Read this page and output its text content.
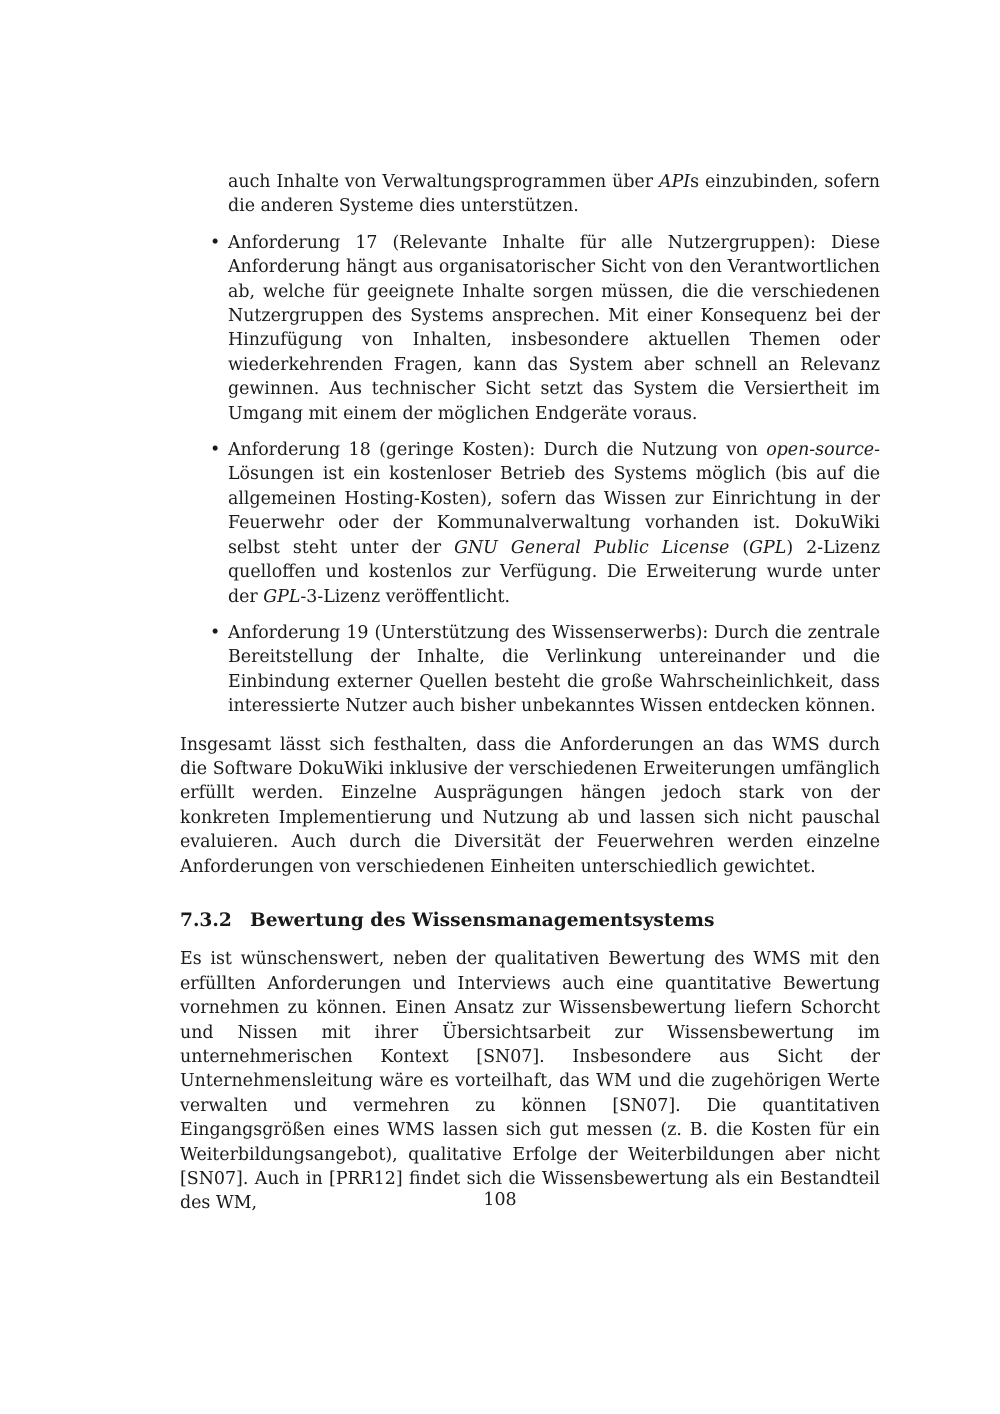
auch Inhalte von Verwaltungsprogrammen über APIs einzubinden, sofern die anderen Systeme dies unterstützen.

• Anforderung 17 (Relevante Inhalte für alle Nutzergruppen): Diese Anforderung hängt aus organisatorischer Sicht von den Verantwortlichen ab, welche für geeignete Inhalte sorgen müssen, die die verschiedenen Nutzergruppen des Systems ansprechen. Mit einer Konsequenz bei der Hinzufügung von Inhalten, insbesondere aktuellen Themen oder wiederkehrenden Fragen, kann das System aber schnell an Relevanz gewinnen. Aus technischer Sicht setzt das System die Versiertheit im Umgang mit einem der möglichen Endgeräte voraus.
• Anforderung 18 (geringe Kosten): Durch die Nutzung von open-source-Lösungen ist ein kostenloser Betrieb des Systems möglich (bis auf die allgemeinen Hosting-Kosten), sofern das Wissen zur Einrichtung in der Feuerwehr oder der Kommunalverwaltung vorhanden ist. DokuWiki selbst steht unter der GNU General Public License (GPL) 2-Lizenz quelloffen und kostenlos zur Verfügung. Die Erweiterung wurde unter der GPL-3-Lizenz veröffentlicht.
• Anforderung 19 (Unterstützung des Wissenserwerbs): Durch die zentrale Bereitstellung der Inhalte, die Verlinkung untereinander und die Einbindung externer Quellen besteht die große Wahrscheinlichkeit, dass interessierte Nutzer auch bisher unbekanntes Wissen entdecken können.

Insgesamt lässt sich festhalten, dass die Anforderungen an das WMS durch die Software DokuWiki inklusive der verschiedenen Erweiterungen umfänglich erfüllt werden. Einzelne Ausprägungen hängen jedoch stark von der konkreten Implementierung und Nutzung ab und lassen sich nicht pauschal evaluieren. Auch durch die Diversität der Feuerwehren werden einzelne Anforderungen von verschiedenen Einheiten unterschiedlich gewichtet.

7.3.2 Bewertung des Wissensmanagementsystems

Es ist wünschenswert, neben der qualitativen Bewertung des WMS mit den erfüllten Anforderungen und Interviews auch eine quantitative Bewertung vornehmen zu können. Einen Ansatz zur Wissensbewertung liefern Schorcht und Nissen mit ihrer Übersichtsarbeit zur Wissensbewertung im unternehmerischen Kontext [SN07]. Insbesondere aus Sicht der Unternehmensleitung wäre es vorteilhaft, das WM und die zugehörigen Werte verwalten und vermehren zu können [SN07]. Die quantitativen Eingangsgrößen eines WMS lassen sich gut messen (z. B. die Kosten für ein Weiterbildungsangebot), qualitative Erfolge der Weiterbildungen aber nicht [SN07]. Auch in [PRR12] findet sich die Wissensbewertung als ein Bestandteil des WM,	108
